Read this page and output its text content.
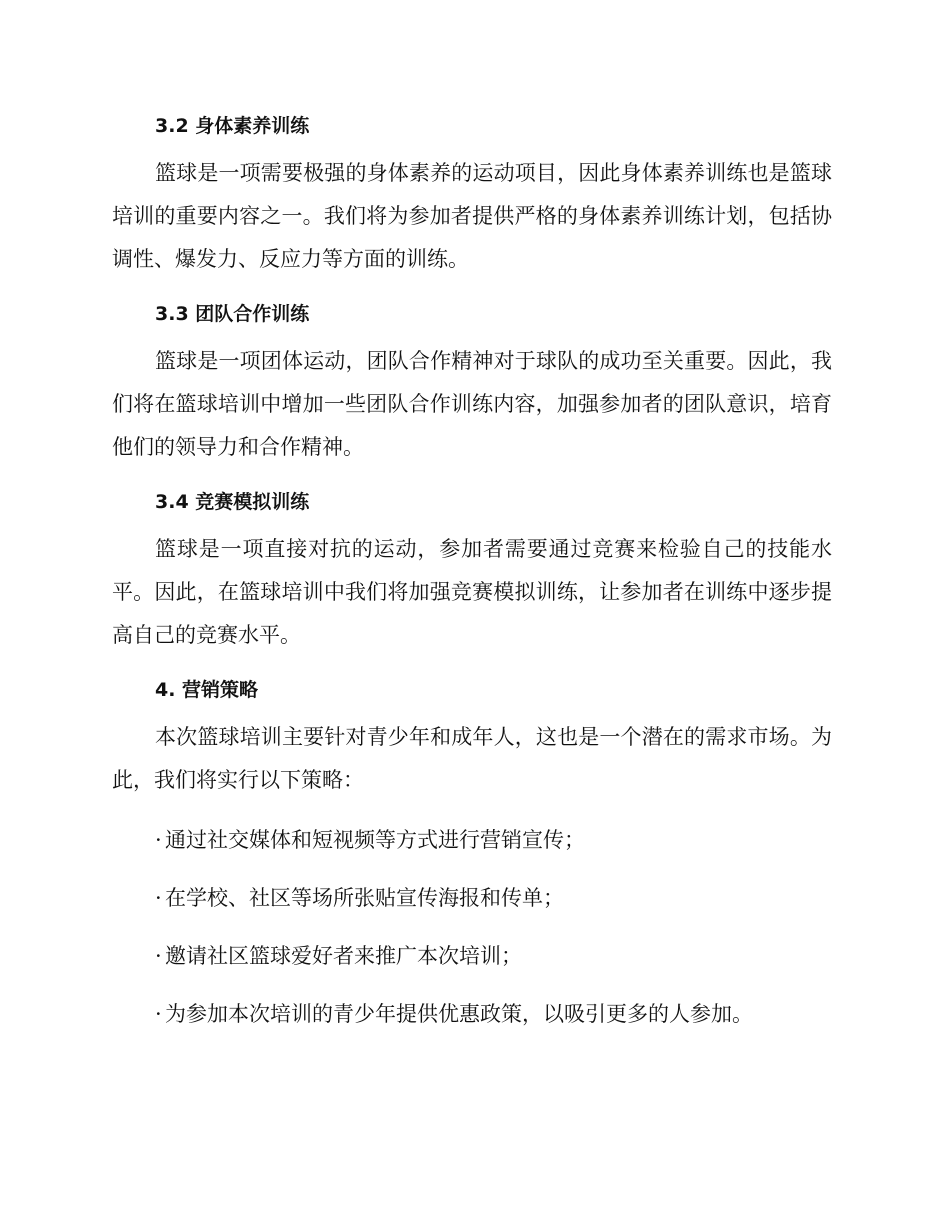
3.2 身体素养训练

篮球是一项需要极强的身体素养的运动项目，因此身体素养训练也是篮球培训的重要内容之一。我们将为参加者提供严格的身体素养训练计划，包括协调性、爆发力、反应力等方面的训练。

3.3 团队合作训练

篮球是一项团体运动，团队合作精神对于球队的成功至关重要。因此，我们将在篮球培训中增加一些团队合作训练内容，加强参加者的团队意识，培育他们的领导力和合作精神。

3.4 竞赛模拟训练

篮球是一项直接对抗的运动，参加者需要通过竞赛来检验自己的技能水平。因此，在篮球培训中我们将加强竞赛模拟训练，让参加者在训练中逐步提高自己的竞赛水平。

4. 营销策略

本次篮球培训主要针对青少年和成年人，这也是一个潜在的需求市场。为此，我们将实行以下策略：

· 通过社交媒体和短视频等方式进行营销宣传；
· 在学校、社区等场所张贴宣传海报和传单；
· 邀请社区篮球爱好者来推广本次培训；
· 为参加本次培训的青少年提供优惠政策，以吸引更多的人参加。
